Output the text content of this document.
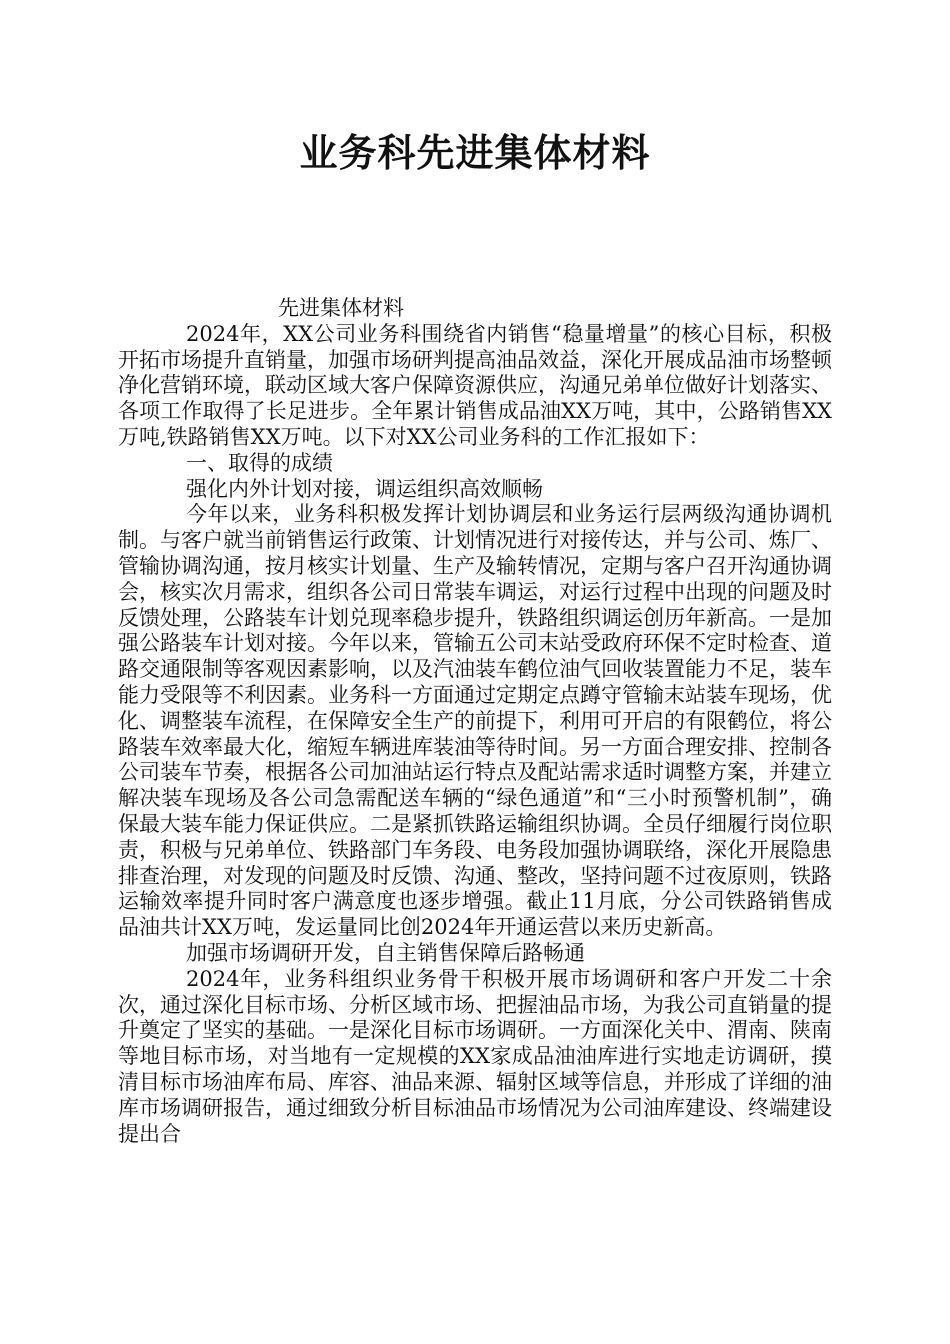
业务科先进集体材料

先进集体材料

2024年，XX公司业务科围绕省内销售“稳量增量”的核心目标，积极开拓市场提升直销量，加强市场研判提高油品效益，深化开展成品油市场整顿净化营销环境，联动区域大客户保障资源供应，沟通兄弟单位做好计划落实、各项工作取得了长足进步。全年累计销售成品油XX万吨，其中，公路销售XX万吨,铁路销售XX万吨。以下对XX公司业务科的工作汇报如下：

一、取得的成绩

强化内外计划对接，调运组织高效顺畅

今年以来，业务科积极发挥计划协调层和业务运行层两级沟通协调机制。与客户就当前销售运行政策、计划情况进行对接传达，并与公司、炼厂、管输协调沟通，按月核实计划量、生产及输转情况，定期与客户召开沟通协调会，核实次月需求，组织各公司日常装车调运，对运行过程中出现的问题及时反馈处理，公路装车计划兑现率稳步提升，铁路组织调运创历年新高。一是加强公路装车计划对接。今年以来，管输五公司末站受政府环保不定时检查、道路交通限制等客观因素影响，以及汽油装车鹤位油气回收装置能力不足，装车能力受限等不利因素。业务科一方面通过定期定点蹲守管输末站装车现场，优化、调整装车流程，在保障安全生产的前提下，利用可开启的有限鹤位，将公路装车效率最大化，缩短车辆进库装油等待时间。另一方面合理安排、控制各公司装车节奏，根据各公司加油站运行特点及配站需求适时调整方案，并建立解决装车现场及各公司急需配送车辆的“绿色通道”和“三小时预警机制”，确保最大装车能力保证供应。二是紧抓铁路运输组织协调。全员仔细履行岗位职责，积极与兄弟单位、铁路部门车务段、电务段加强协调联络，深化开展隐患排查治理，对发现的问题及时反馈、沟通、整改，坚持问题不过夜原则，铁路运输效率提升同时客户满意度也逐步增强。截止11月底，分公司铁路销售成品油共计XX万吨，发运量同比创2024年开通运营以来历史新高。

加强市场调研开发，自主销售保障后路畅通

2024年，业务科组织业务骨干积极开展市场调研和客户开发二十余次，通过深化目标市场、分析区域市场、把握油品市场，为我公司直销量的提升奠定了坚实的基础。一是深化目标市场调研。一方面深化关中、渭南、陕南等地目标市场，对当地有一定规模的XX家成品油油库进行实地走访调研，摸清目标市场油库布局、库容、油品来源、辐射区域等信息，并形成了详细的油库市场调研报告，通过细致分析目标油品市场情况为公司油库建设、终端建设提出合
